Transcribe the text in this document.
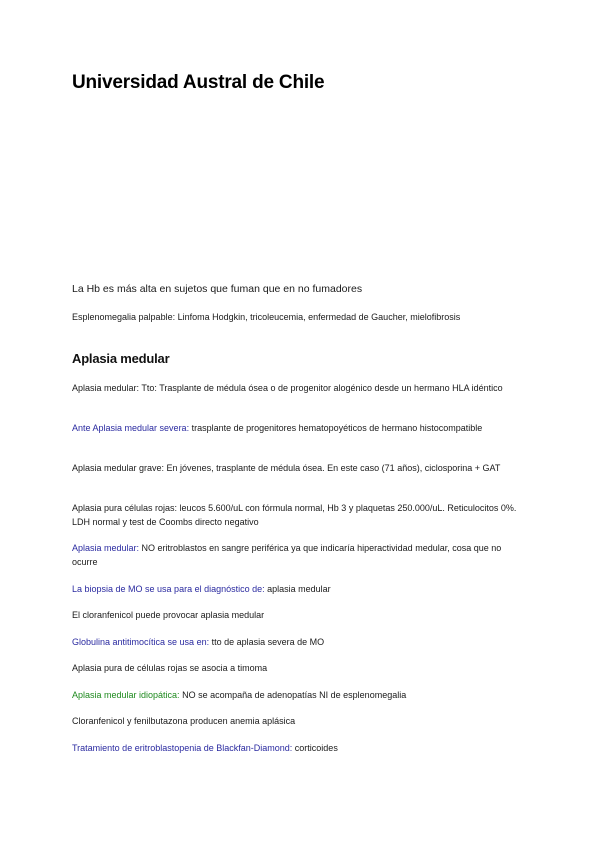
Universidad Austral de Chile

La Hb es más alta en sujetos que fuman que en no fumadores

Esplenomegalia palpable: Linfoma Hodgkin, tricoleucemia, enfermedad de Gaucher, mielofibrosis

Aplasia medular

Aplasia medular: Tto: Trasplante de médula ósea o de progenitor alogénico desde un hermano HLA idéntico

Ante Aplasia medular severa: trasplante de progenitores hematopoyéticos de hermano histocompatible

Aplasia medular grave: En jóvenes, trasplante de médula ósea. En este caso (71 años), ciclosporina + GAT

Aplasia pura células rojas: leucos 5.600/uL con fórmula normal, Hb 3 y plaquetas 250.000/uL. Reticulocitos 0%. LDH normal y test de Coombs directo negativo

Aplasia medular: NO eritroblastos en sangre periférica ya que indicaría hiperactividad medular, cosa que no ocurre

La biopsia de MO se usa para el diagnóstico de: aplasia medular

El cloranfenicol puede provocar aplasia medular

Globulina antitimocítica se usa en: tto de aplasia severa de MO

Aplasia pura de células rojas se asocia a timoma

Aplasia medular idiopática: NO se acompaña de adenopatías NI de esplenomegalia

Cloranfenicol y fenilbutazona producen anemia aplásica

Tratamiento de eritroblastopenia de Blackfan-Diamond: corticoides
